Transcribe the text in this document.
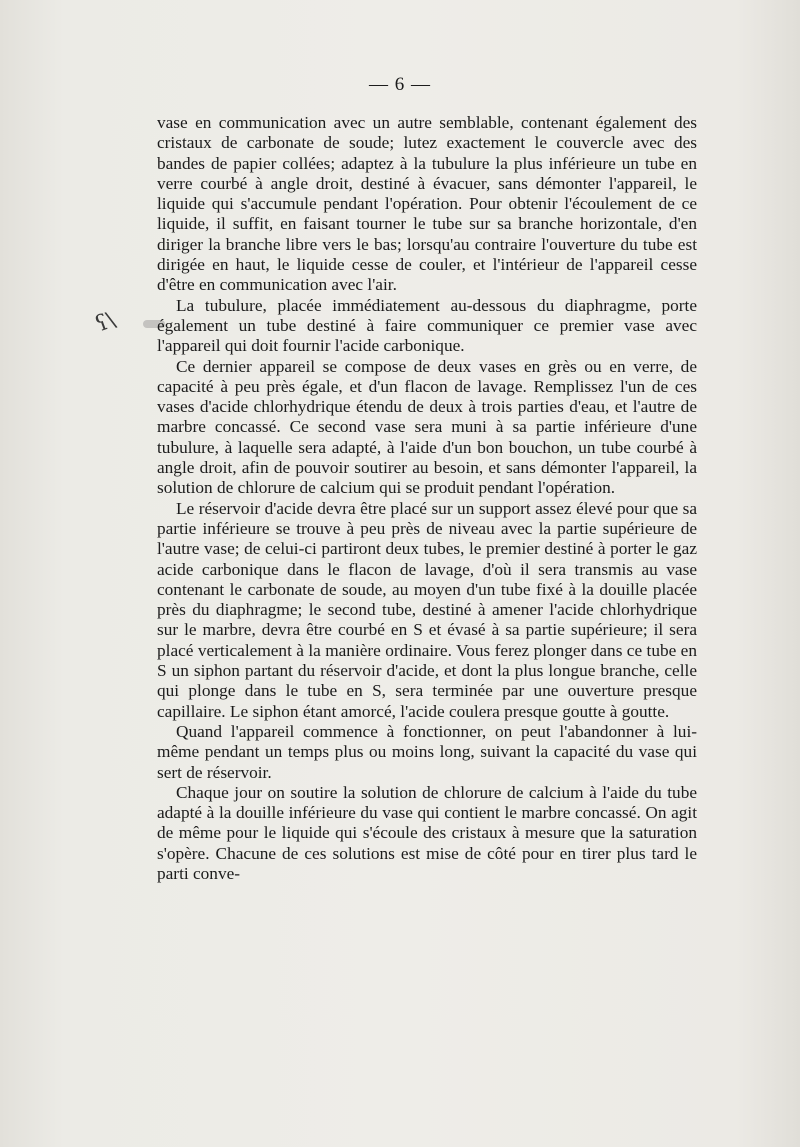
— 6 —
ʕ\

vase en communication avec un autre semblable, contenant également des cristaux de carbonate de soude; lutez exactement le couvercle avec des bandes de papier collées; adaptez à la tubulure la plus inférieure un tube en verre courbé à angle droit, destiné à évacuer, sans démonter l'appareil, le liquide qui s'accumule pendant l'opération. Pour obtenir l'écoulement de ce liquide, il suffit, en faisant tourner le tube sur sa branche horizontale, d'en diriger la branche libre vers le bas; lorsqu'au contraire l'ouverture du tube est dirigée en haut, le liquide cesse de couler, et l'intérieur de l'appareil cesse d'être en communication avec l'air.

La tubulure, placée immédiatement au-dessous du diaphragme, porte également un tube destiné à faire communiquer ce premier vase avec l'appareil qui doit fournir l'acide carbonique.

Ce dernier appareil se compose de deux vases en grès ou en verre, de capacité à peu près égale, et d'un flacon de lavage. Remplissez l'un de ces vases d'acide chlorhydrique étendu de deux à trois parties d'eau, et l'autre de marbre concassé. Ce second vase sera muni à sa partie inférieure d'une tubulure, à laquelle sera adapté, à l'aide d'un bon bouchon, un tube courbé à angle droit, afin de pouvoir soutirer au besoin, et sans démonter l'appareil, la solution de chlorure de calcium qui se produit pendant l'opération.

Le réservoir d'acide devra être placé sur un support assez élevé pour que sa partie inférieure se trouve à peu près de niveau avec la partie supérieure de l'autre vase; de celui-ci partiront deux tubes, le premier destiné à porter le gaz acide carbonique dans le flacon de lavage, d'où il sera transmis au vase contenant le carbonate de soude, au moyen d'un tube fixé à la douille placée près du diaphragme; le second tube, destiné à amener l'acide chlorhydrique sur le marbre, devra être courbé en S et évasé à sa partie supérieure; il sera placé verticalement à la manière ordinaire. Vous ferez plonger dans ce tube en S un siphon partant du réservoir d'acide, et dont la plus longue branche, celle qui plonge dans le tube en S, sera terminée par une ouverture presque capillaire. Le siphon étant amorcé, l'acide coulera presque goutte à goutte.

Quand l'appareil commence à fonctionner, on peut l'abandonner à lui-même pendant un temps plus ou moins long, suivant la capacité du vase qui sert de réservoir.

Chaque jour on soutire la solution de chlorure de calcium à l'aide du tube adapté à la douille inférieure du vase qui contient le marbre concassé. On agit de même pour le liquide qui s'écoule des cristaux à mesure que la saturation s'opère. Chacune de ces solutions est mise de côté pour en tirer plus tard le parti conve-
